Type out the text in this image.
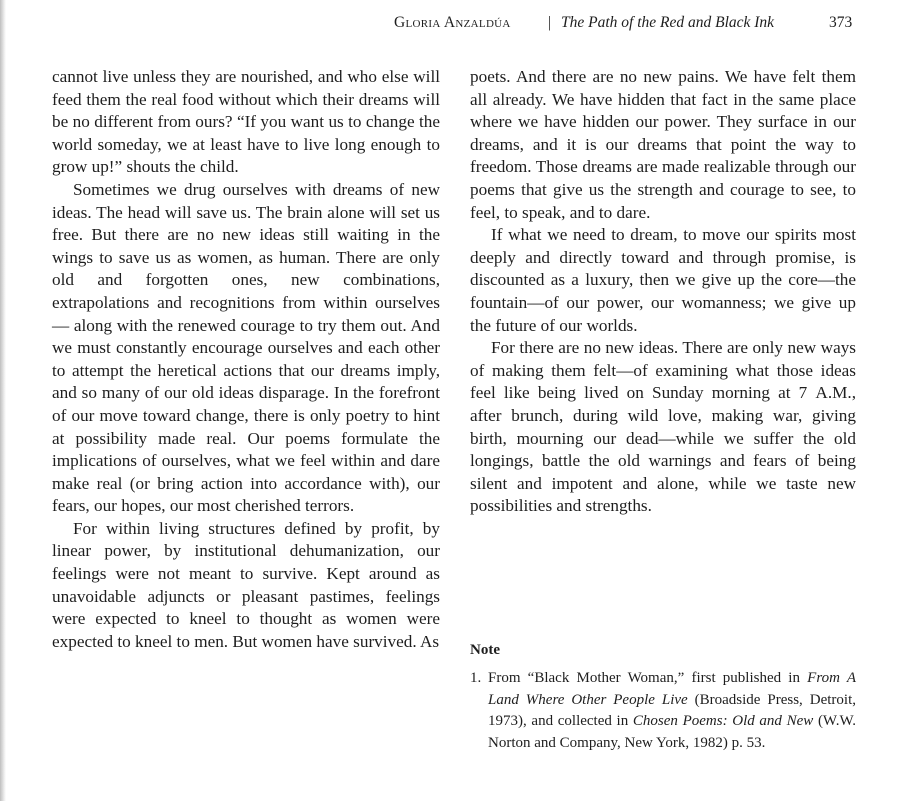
Gloria Anzaldúa | The Path of the Red and Black Ink	373

cannot live unless they are nourished, and who else will feed them the real food without which their dreams will be no different from ours? “If you want us to change the world someday, we at least have to live long enough to grow up!” shouts the child.

Sometimes we drug ourselves with dreams of new ideas. The head will save us. The brain alone will set us free. But there are no new ideas still waiting in the wings to save us as women, as human. There are only old and forgotten ones, new combinations, extrapolations and recognitions from within ourselves— along with the renewed courage to try them out. And we must constantly encourage ourselves and each other to attempt the heretical actions that our dreams imply, and so many of our old ideas disparage. In the forefront of our move toward change, there is only poetry to hint at possibility made real. Our poems formulate the implications of ourselves, what we feel within and dare make real (or bring action into accordance with), our fears, our hopes, our most cherished terrors.

For within living structures defined by profit, by linear power, by institutional dehumanization, our feelings were not meant to survive. Kept around as unavoidable adjuncts or pleasant pastimes, feelings were expected to kneel to thought as women were expected to kneel to men. But women have survived. As

poets. And there are no new pains. We have felt them all already. We have hidden that fact in the same place where we have hidden our power. They surface in our dreams, and it is our dreams that point the way to freedom. Those dreams are made realizable through our poems that give us the strength and courage to see, to feel, to speak, and to dare.

If what we need to dream, to move our spirits most deeply and directly toward and through promise, is discounted as a luxury, then we give up the core—the fountain—of our power, our womanness; we give up the future of our worlds.

For there are no new ideas. There are only new ways of making them felt—of examining what those ideas feel like being lived on Sunday morning at 7 A.M., after brunch, during wild love, making war, giving birth, mourning our dead—while we suffer the old longings, battle the old warnings and fears of being silent and impotent and alone, while we taste new possibilities and strengths.

Note
1. From “Black Mother Woman,” first published in From A Land Where Other People Live (Broadside Press, Detroit, 1973), and collected in Chosen Poems: Old and New (W.W. Norton and Company, New York, 1982) p. 53.
